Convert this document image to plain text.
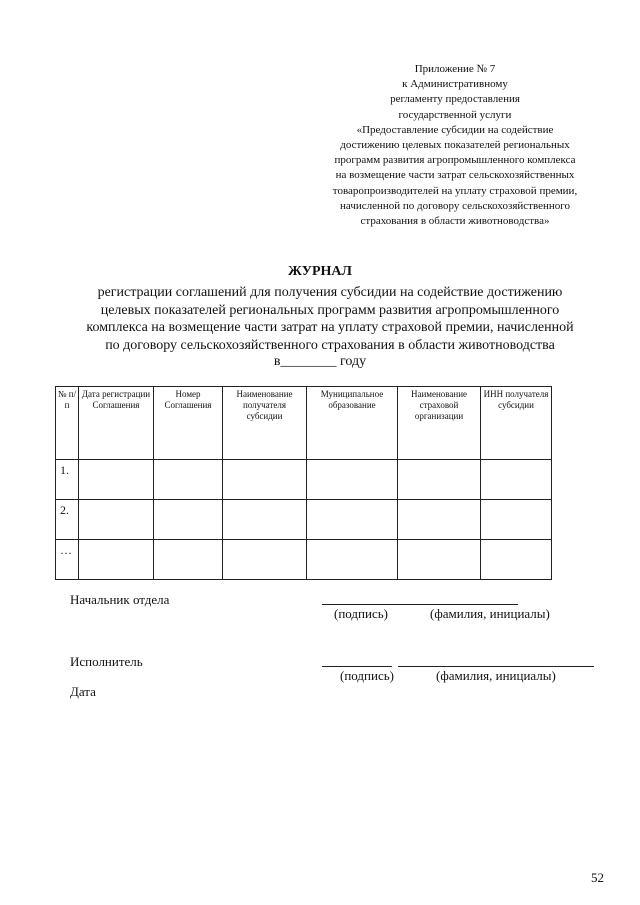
Приложение № 7
к Административному
регламенту предоставления
государственной услуги
«Предоставление субсидии на содействие
достижению целевых показателей региональных
программ развития агропромышленного комплекса
на возмещение части затрат сельскохозяйственных
товаропроизводителей на уплату страховой премии,
начисленной по договору сельскохозяйственного
страхования в области животноводства»
ЖУРНАЛ
регистрации соглашений для получения субсидии на содействие достижению
целевых показателей региональных программ развития агропромышленного
комплекса на возмещение части затрат на уплату страховой премии, начисленной
по договору сельскохозяйственного страхования в области животноводства
в________ году
№ п/п	Дата регистрации Соглашения	Номер Соглашения	Наименование получателя субсидии	Муниципальное образование	Наименование страховой организации	ИНН получателя субсидии
1.						
2.						
…						
Начальник отдела
(подпись)	(фамилия, инициалы)
Исполнитель
(подпись)	(фамилия, инициалы)
Дата
52
